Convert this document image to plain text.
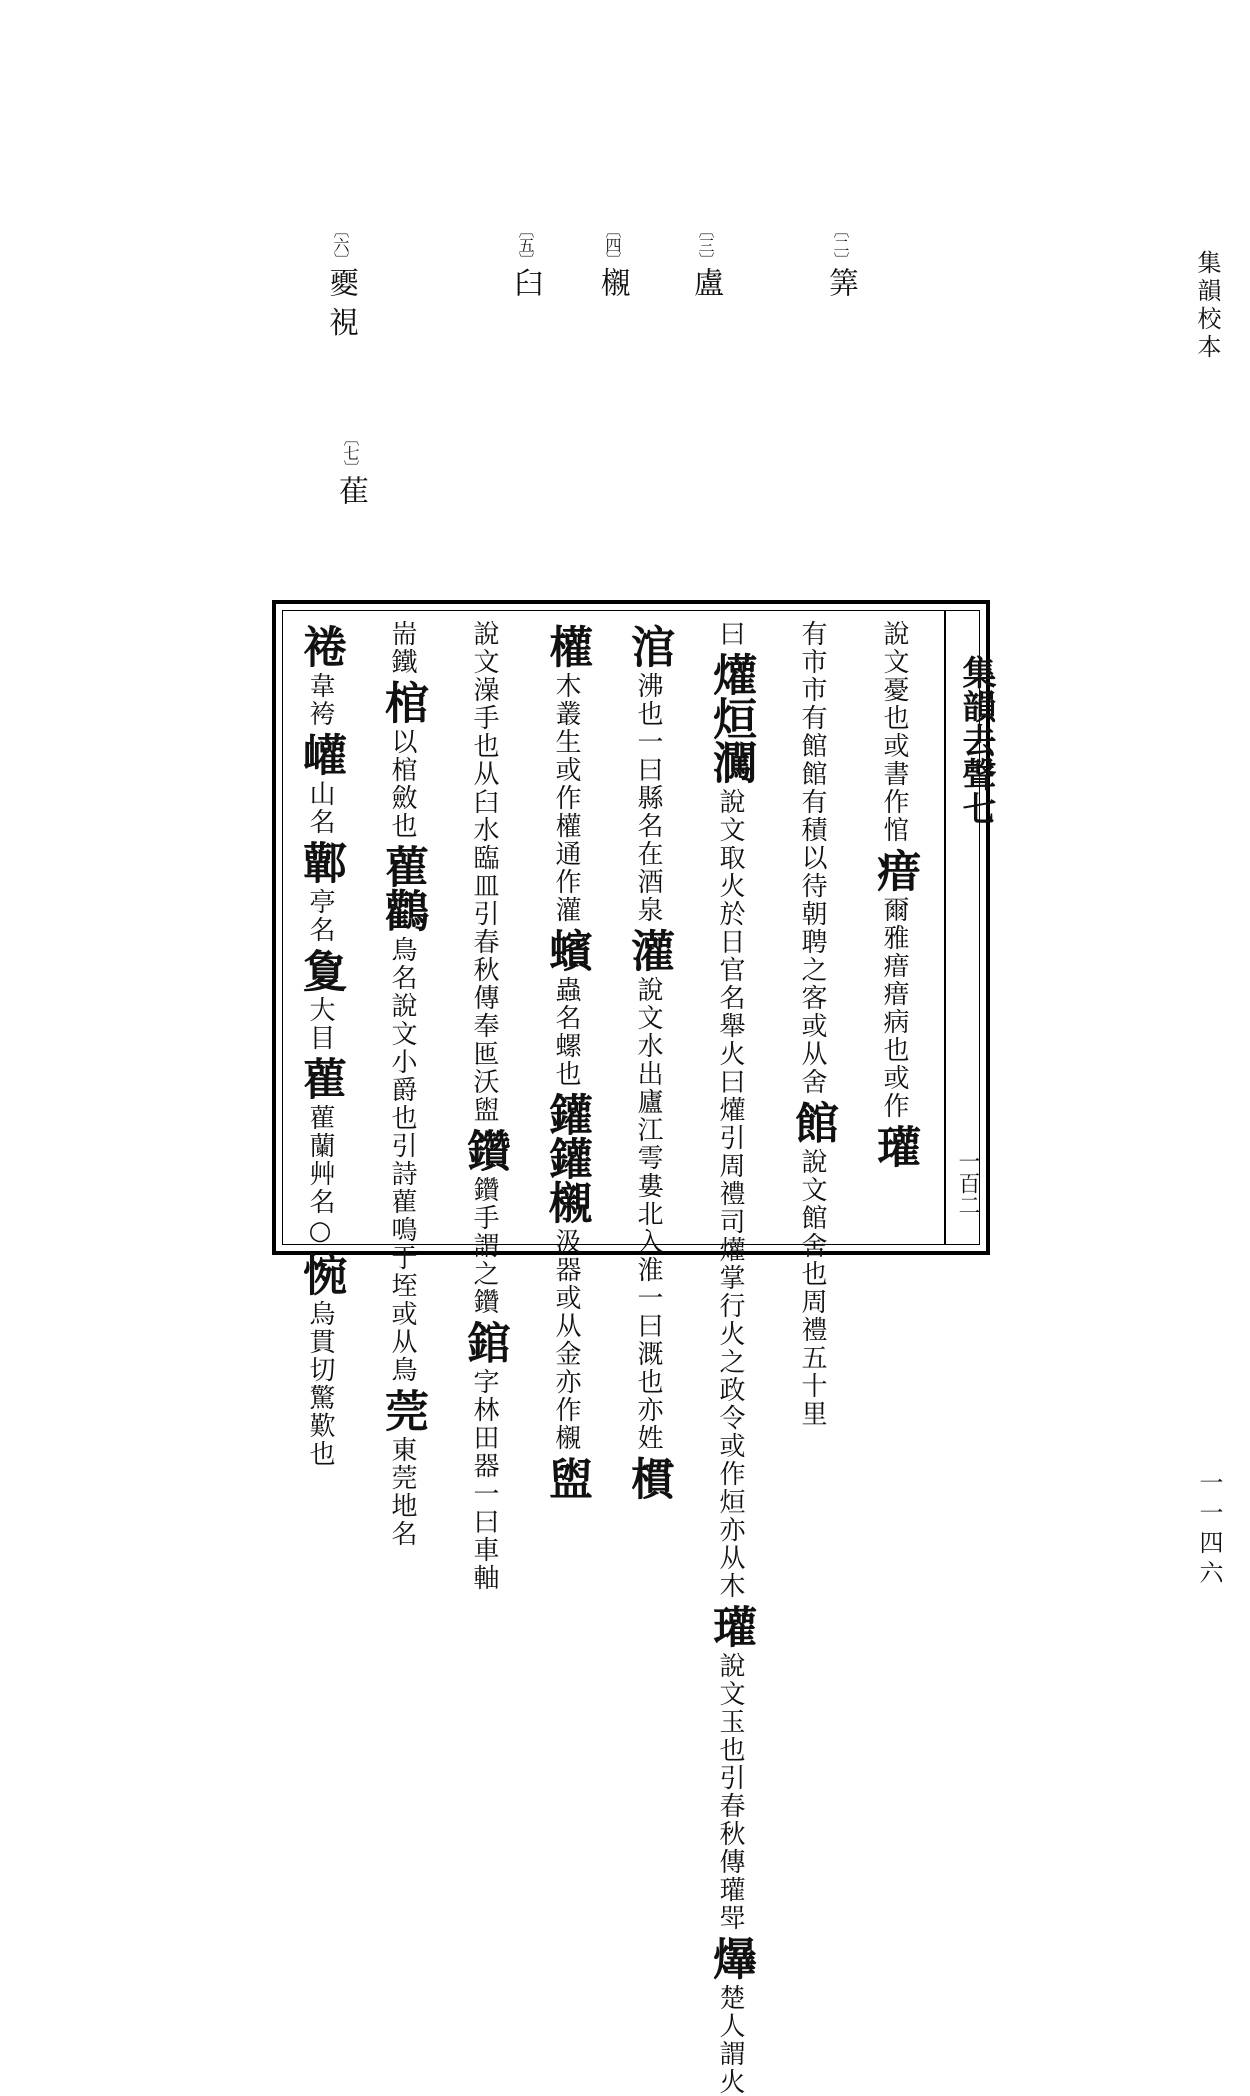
集韻校本
一一四六
〔二〕筭
〔三〕盧
〔四〕櫬
〔五〕臼
〔六〕夒 視
〔七〕萑
集韻去聲七
一百二
說文憂也或書作悺瘄爾雅瘄瘄病也或作瓘
有市市有館館有積以待朝聘之客或从舍館說文館舍也周禮五十里
曰爟烜㶒說文取火於日官名舉火曰爟引周禮司爟掌行火之政令或作烜亦从木瓘說文玉也引春秋傳瓘斝爗楚人謂火
涫沸也一曰縣名在酒泉灌說文水出廬江雩婁北入淮一曰溉也亦姓樌
權木叢生或作權通作灌蠙蟲名螺也鑵鑵櫬汲器或从金亦作櫬盥
說文澡手也从臼水臨皿引春秋傳奉匜沃盥鑽鑽手謂之鑽錧字林田器一曰車軸
耑鐵棺以棺斂也雚鸛鳥名說文小爵也引詩雚鳴于垤或从鳥莞東莞地名
裷韋袴巏山名鄿亭名夐大目雚雚蘭艸名○惋烏貫切驚歎也
